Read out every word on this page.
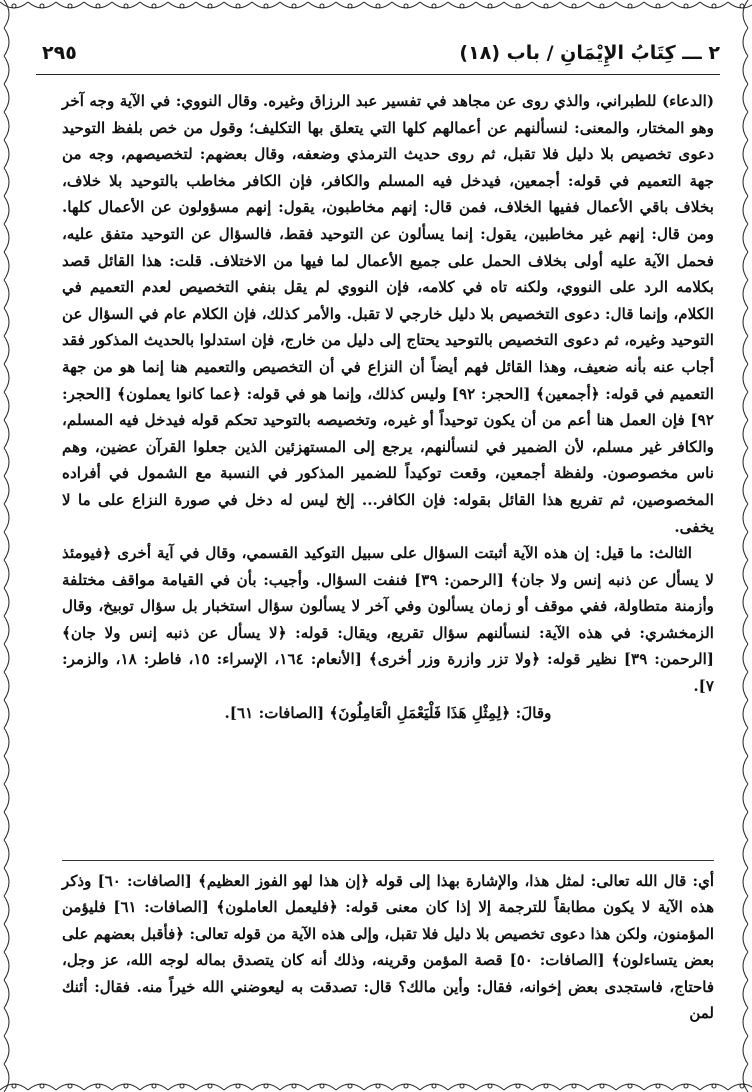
٢ ـــ كِتَابُ الإِيْمَانِ / باب (١٨)
٢٩٥

(الدعاء) للطبراني، والذي روى عن مجاهد في تفسير عبد الرزاق وغيره. وقال النووي: في الآية وجه آخر وهو المختار، والمعنى: لنسألنهم عن أعمالهم كلها التي يتعلق بها التكليف؛ وقول من خص بلفظ التوحيد دعوى تخصيص بلا دليل فلا تقبل، ثم روى حديث الترمذي وضعفه، وقال بعضهم: لتخصيصهم، وجه من جهة التعميم في قوله: أجمعين، فيدخل فيه المسلم والكافر، فإن الكافر مخاطب بالتوحيد بلا خلاف، بخلاف باقي الأعمال ففيها الخلاف، فمن قال: إنهم مخاطبون، يقول: إنهم مسؤولون عن الأعمال كلها. ومن قال: إنهم غير مخاطبين، يقول: إنما يسألون عن التوحيد فقط، فالسؤال عن التوحيد متفق عليه، فحمل الآية عليه أولى بخلاف الحمل على جميع الأعمال لما فيها من الاختلاف. قلت: هذا القائل قصد بكلامه الرد على النووي، ولكنه تاه في كلامه، فإن النووي لم يقل بنفي التخصيص لعدم التعميم في الكلام، وإنما قال: دعوى التخصيص بلا دليل خارجي لا تقبل. والأمر كذلك، فإن الكلام عام في السؤال عن التوحيد وغيره، ثم دعوى التخصيص بالتوحيد يحتاج إلى دليل من خارج، فإن استدلوا بالحديث المذكور فقد أجاب عنه بأنه ضعيف، وهذا القائل فهم أيضاً أن النزاع في أن التخصيص والتعميم هنا إنما هو من جهة التعميم في قوله: ﴿أجمعين﴾ [الحجر: ٩٢] وليس كذلك، وإنما هو في قوله: ﴿عما كانوا يعملون﴾ [الحجر: ٩٢] فإن العمل هنا أعم من أن يكون توحيداً أو غيره، وتخصيصه بالتوحيد تحكم قوله فيدخل فيه المسلم، والكافر غير مسلم، لأن الضمير في لنسألنهم، يرجع إلى المستهزئين الذين جعلوا القرآن عضين، وهم ناس مخصوصون. ولفظة أجمعين، وقعت توكيداً للضمير المذكور في النسبة مع الشمول في أفراده المخصوصين، ثم تفريع هذا القائل بقوله: فإن الكافر... إلخ ليس له دخل في صورة النزاع على ما لا يخفى.

الثالث: ما قيل: إن هذه الآية أثبتت السؤال على سبيل التوكيد القسمي، وقال في آية أخرى ﴿فيومئذ لا يسأل عن ذنبه إنس ولا جان﴾ [الرحمن: ٣٩] فنفت السؤال. وأجيب: بأن في القيامة مواقف مختلفة وأزمنة متطاولة، ففي موقف أو زمان يسألون وفي آخر لا يسألون سؤال استخبار بل سؤال توبيخ، وقال الزمخشري: في هذه الآية: لنسألنهم سؤال تقريع، ويقال: قوله: ﴿لا يسأل عن ذنبه إنس ولا جان﴾ [الرحمن: ٣٩] نظير قوله: ﴿ولا تزر وازرة وزر أخرى﴾ [الأنعام: ١٦٤، الإسراء: ١٥، فاطر: ١٨، والزمر: ٧].

وقالَ: ﴿لِمِثْلِ هَذَا فَلْيَعْمَلِ الْعَامِلُونَ﴾ [الصافات: ٦١].

أي: قال الله تعالى: لمثل هذا، والإشارة بهذا إلى قوله ﴿إن هذا لهو الفوز العظيم﴾ [الصافات: ٦٠] وذكر هذه الآية لا يكون مطابقاً للترجمة إلا إذا كان معنى قوله: ﴿فليعمل العاملون﴾ [الصافات: ٦١] فليؤمن المؤمنون، ولكن هذا دعوى تخصيص بلا دليل فلا تقبل، وإلى هذه الآية من قوله تعالى: ﴿فأقبل بعضهم على بعض يتساءلون﴾ [الصافات: ٥٠] قصة المؤمن وقرينه، وذلك أنه كان يتصدق بماله لوجه الله، عز وجل، فاحتاج، فاستجدى بعض إخوانه، فقال: وأين مالك؟ قال: تصدقت به ليعوضني الله خيراً منه. فقال: أئنك لمن
